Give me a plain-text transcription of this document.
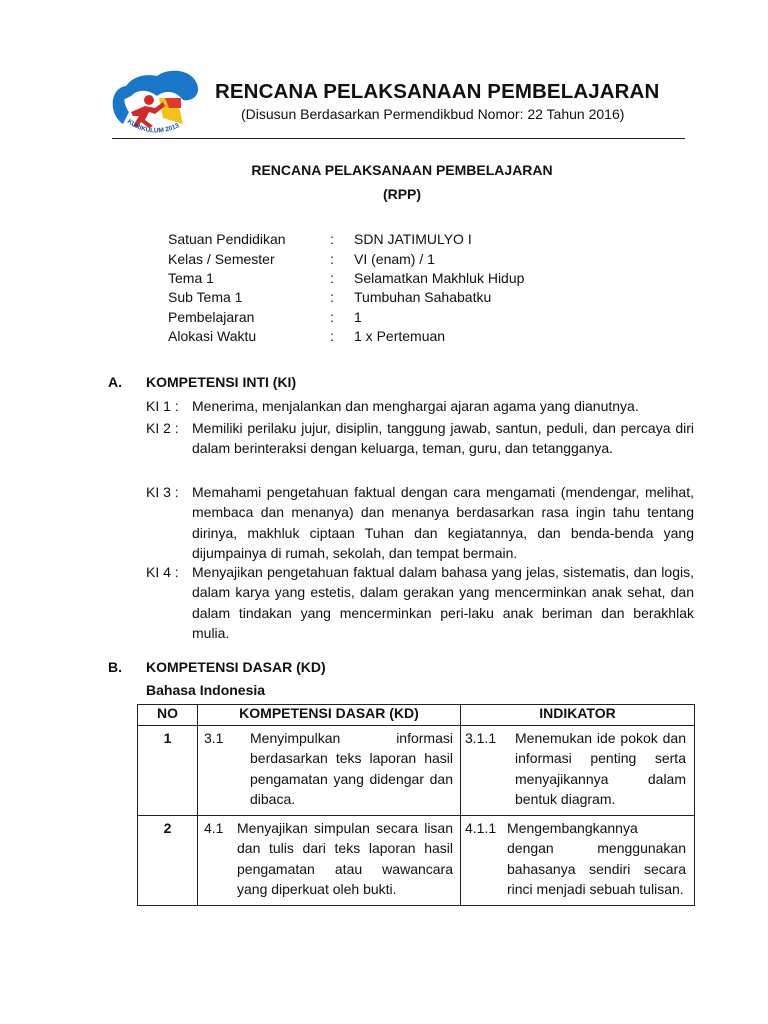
KURIKULUM 2013
RENCANA PELAKSANAAN PEMBELAJARAN
(Disusun Berdasarkan Permendikbud Nomor: 22 Tahun 2016)
RENCANA PELAKSANAAN PEMBELAJARAN
(RPP)
Satuan Pendidikan	: SDN JATIMULYO I
Kelas / Semester	: VI (enam) / 1
Tema 1	: Selamatkan Makhluk Hidup
Sub Tema 1	: Tumbuhan Sahabatku
Pembelajaran	: 1
Alokasi Waktu	: 1 x Pertemuan
A. KOMPETENSI INTI (KI)
KI 1 : Menerima, menjalankan dan menghargai ajaran agama yang dianutnya.
KI 2 : Memiliki perilaku jujur, disiplin, tanggung jawab, santun, peduli, dan percaya diri dalam berinteraksi dengan keluarga, teman, guru, dan tetangganya.
KI 3 : Memahami pengetahuan faktual dengan cara mengamati (mendengar, melihat, membaca dan menanya) dan menanya berdasarkan rasa ingin tahu tentang dirinya, makhluk ciptaan Tuhan dan kegiatannya, dan benda-benda yang dijumpainya di rumah, sekolah, dan tempat bermain.
KI 4 : Menyajikan pengetahuan faktual dalam bahasa yang jelas, sistematis, dan logis, dalam karya yang estetis, dalam gerakan yang mencerminkan anak sehat, dan dalam tindakan yang mencerminkan peri-laku anak beriman dan berakhlak mulia.
B. KOMPETENSI DASAR (KD)
Bahasa Indonesia
NO	KOMPETENSI DASAR (KD)	INDIKATOR
1	3.1 Menyimpulkan informasi berdasarkan teks laporan hasil pengamatan yang didengar dan dibaca.	3.1.1 Menemukan ide pokok dan informasi penting serta menyajikannya dalam bentuk diagram.

2	4.1 Menyajikan simpulan secara lisan dan tulis dari teks laporan hasil pengamatan atau wawancara yang diperkuat oleh bukti.	4.1.1 Mengembangkannya dengan menggunakan bahasanya sendiri secara rinci menjadi sebuah tulisan.
